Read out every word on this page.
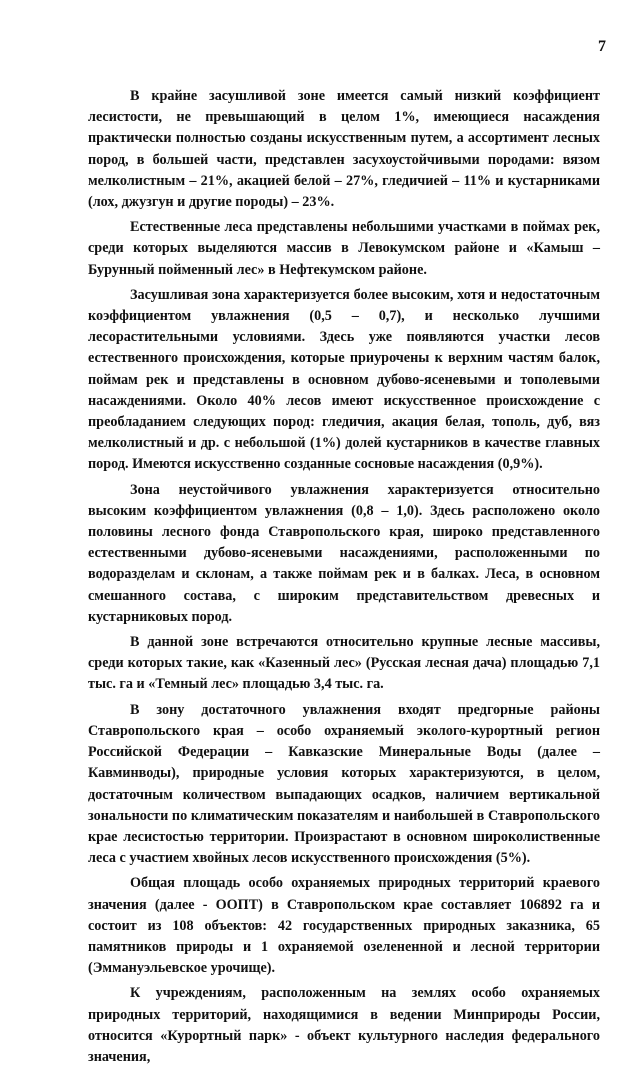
7

В крайне засушливой зоне имеется самый низкий коэффициент лесистости, не превышающий в целом 1%, имеющиеся насаждения практически полностью созданы искусственным путем, а ассортимент лесных пород, в большей части, представлен засухоустойчивыми породами: вязом мелколистным – 21%, акацией белой – 27%, гледичией – 11% и кустарниками (лох, джузгун и другие породы) – 23%.

Естественные леса представлены небольшими участками в поймах рек, среди которых выделяются массив в Левокумском районе и «Камыш – Бурунный пойменный лес» в Нефтекумском районе.

Засушливая зона характеризуется более высоким, хотя и недостаточным коэффициентом увлажнения (0,5 – 0,7), и несколько лучшими лесорастительными условиями. Здесь уже появляются участки лесов естественного происхождения, которые приурочены к верхним частям балок, поймам рек и представлены в основном дубово-ясеневыми и тополевыми насаждениями. Около 40% лесов имеют искусственное происхождение с преобладанием следующих пород: гледичия, акация белая, тополь, дуб, вяз мелколистный и др. с небольшой (1%) долей кустарников в качестве главных пород. Имеются искусственно созданные сосновые насаждения (0,9%).

Зона неустойчивого увлажнения характеризуется относительно высоким коэффициентом увлажнения (0,8 – 1,0). Здесь расположено около половины лесного фонда Ставропольского края, широко представленного естественными дубово-ясеневыми насаждениями, расположенными по водоразделам и склонам, а также поймам рек и в балках. Леса, в основном смешанного состава, с широким представительством древесных и кустарниковых пород.

В данной зоне встречаются относительно крупные лесные массивы, среди которых такие, как «Казенный лес» (Русская лесная дача) площадью 7,1 тыс. га и «Темный лес» площадью 3,4 тыс. га.

В зону достаточного увлажнения входят предгорные районы Ставропольского края – особо охраняемый эколого-курортный регион Российской Федерации – Кавказские Минеральные Воды (далее – Кавминводы), природные условия которых характеризуются, в целом, достаточным количеством выпадающих осадков, наличием вертикальной зональности по климатическим показателям и наибольшей в Ставропольского крае лесистостью территории. Произрастают в основном широколиственные леса с участием хвойных лесов искусственного происхождения (5%).

Общая площадь особо охраняемых природных территорий краевого значения (далее - ООПТ) в Ставропольском крае составляет 106892 га и состоит из 108 объектов: 42 государственных природных заказника, 65 памятников природы и 1 охраняемой озелененной и лесной территории (Эммануэльевское урочище).

К учреждениям, расположенным на землях особо охраняемых природных территорий, находящимися в ведении Минприроды России, относится «Курортный парк» - объект культурного наследия федерального значения,
